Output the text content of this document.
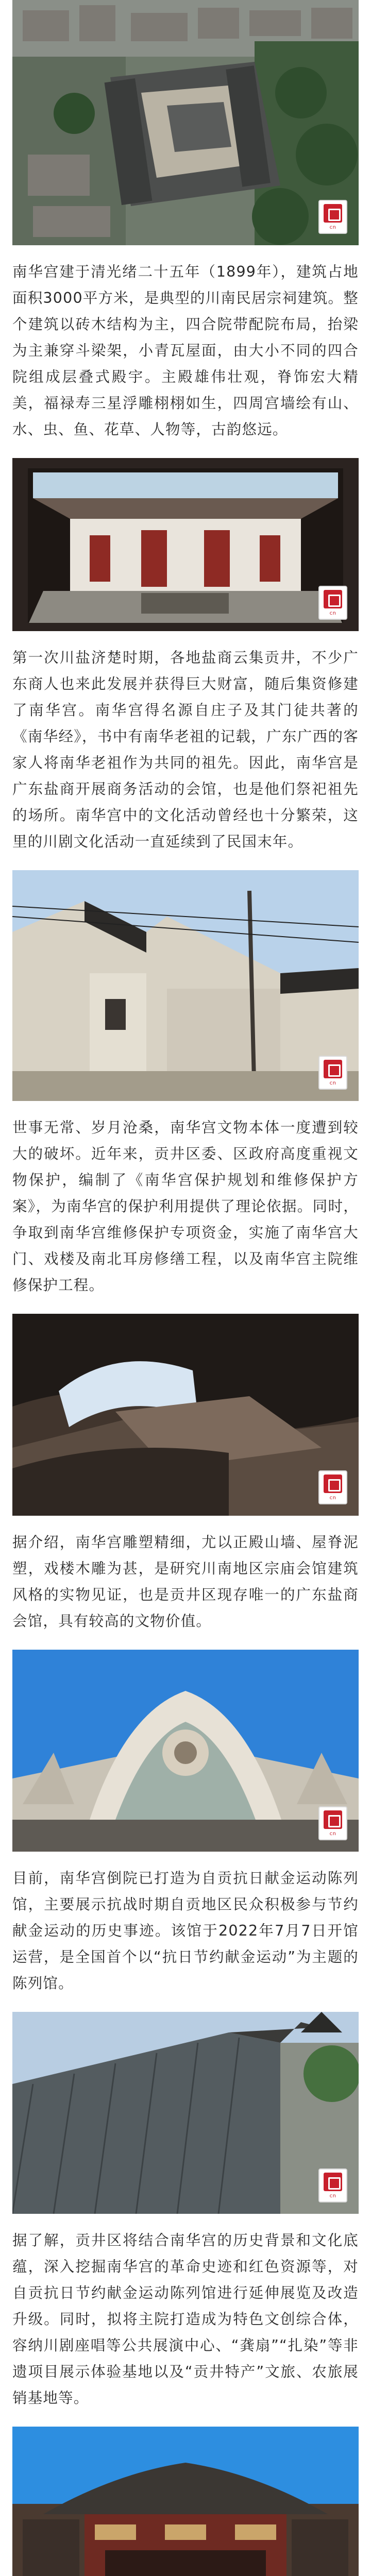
cn

南华宫建于清光绪二十五年（1899年），建筑占地面积3000平方米，是典型的川南民居宗祠建筑。整个建筑以砖木结构为主，四合院带配院布局，抬梁为主兼穿斗梁架，小青瓦屋面，由大小不同的四合院组成层叠式殿宇。主殿雄伟壮观，脊饰宏大精美，福禄寿三星浮雕栩栩如生，四周宫墙绘有山、水、虫、鱼、花草、人物等，古韵悠远。

cn

第一次川盐济楚时期，各地盐商云集贡井，不少广东商人也来此发展并获得巨大财富，随后集资修建了南华宫。南华宫得名源自庄子及其门徒共著的《南华经》，书中有南华老祖的记载，广东广西的客家人将南华老祖作为共同的祖先。因此，南华宫是广东盐商开展商务活动的会馆，也是他们祭祀祖先的场所。南华宫中的文化活动曾经也十分繁荣，这里的川剧文化活动一直延续到了民国末年。

cn

世事无常、岁月沧桑，南华宫文物本体一度遭到较大的破坏。近年来，贡井区委、区政府高度重视文物保护，编制了《南华宫保护规划和维修保护方案》，为南华宫的保护利用提供了理论依据。同时，争取到南华宫维修保护专项资金，实施了南华宫大门、戏楼及南北耳房修缮工程，以及南华宫主院维修保护工程。

cn

据介绍，南华宫雕塑精细，尤以正殿山墙、屋脊泥塑，戏楼木雕为甚，是研究川南地区宗庙会馆建筑风格的实物见证，也是贡井区现存唯一的广东盐商会馆，具有较高的文物价值。

cn

目前，南华宫倒院已打造为自贡抗日献金运动陈列馆，主要展示抗战时期自贡地区民众积极参与节约献金运动的历史事迹。该馆于2022年7月7日开馆运营，是全国首个以“抗日节约献金运动”为主题的陈列馆。

cn

据了解，贡井区将结合南华宫的历史背景和文化底蕴，深入挖掘南华宫的革命史迹和红色资源等，对自贡抗日节约献金运动陈列馆进行延伸展览及改造升级。同时，拟将主院打造成为特色文创综合体，容纳川剧座唱等公共展演中心、“龚扇”“扎染”等非遗项目展示体验基地以及“贡井特产”文旅、农旅展销基地等。
